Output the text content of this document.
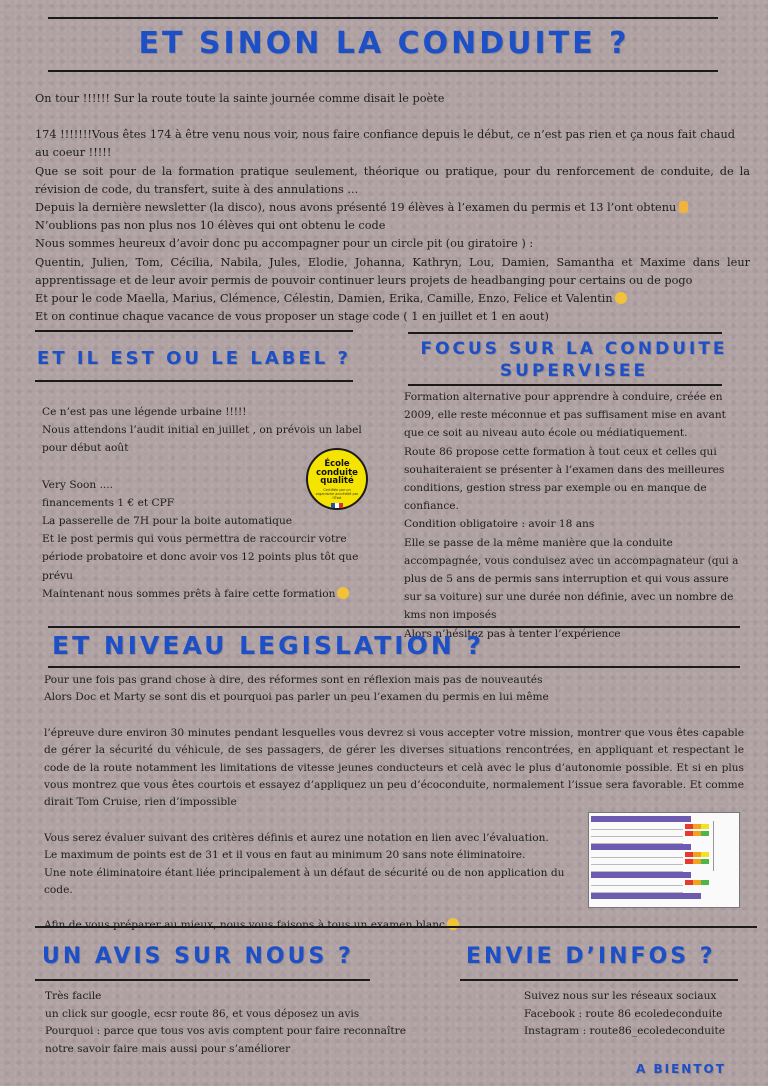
ET SINON LA CONDUITE ?

On tour !!!!!! Sur la route toute la sainte journée comme disait le poète

174 !!!!!!!Vous êtes 174 à être venu nous voir, nous faire confiance depuis le début, ce n’est pas rien et ça nous fait chaud au coeur !!!!!

Que se soit pour de la formation pratique seulement, théorique ou pratique, pour du renforcement de conduite, de la révision de code, du transfert, suite à des annulations ...

Depuis la dernière newsletter (la disco), nous avons présenté 19 élèves à l’examen du permis et 13 l’ont obtenu

N’oublions pas non plus nos 10 élèves qui ont obtenu le code

Nous sommes heureux d’avoir donc pu accompagner pour un circle pit (ou giratoire ) :

Quentin, Julien, Tom, Cécilia, Nabila, Jules, Elodie, Johanna, Kathryn, Lou, Damien, Samantha et Maxime dans leur apprentissage et de leur avoir permis de pouvoir continuer leurs projets de headbanging pour certains ou de pogo

Et pour le code Maella, Marius, Clémence, Célestin, Damien, Erika, Camille, Enzo, Felice et Valentin

Et on continue chaque vacance de vous proposer un stage code ( 1 en juillet et 1 en aout)

ET IL EST OU LE LABEL ?

Ce n’est pas une légende urbaine !!!!!

Nous attendons l’audit initial en juillet , on prévois un label pour début août

Very Soon ....

financements 1 € et CPF

La passerelle de 7H pour la boite automatique

Et le post permis qui vous permettra de raccourcir votre période probatoire et donc avoir vos 12 points plus tôt que prévu

Maintenant nous sommes prêts à faire cette formation

École conduite qualité
Certifiée par un organisme accrédité par l'État
FOCUS SUR LA CONDUITE SUPERVISEE

Formation alternative pour apprendre à conduire, créée en 2009, elle reste méconnue et pas suffisament mise en avant que ce soit au niveau auto école ou médiatiquement.

Route 86 propose cette formation à tout ceux et celles qui souhaiteraient se présenter à l’examen dans des meilleures conditions, gestion stress par exemple ou en manque de confiance.

Condition obligatoire : avoir 18 ans

Elle se passe de la même manière que la conduite accompagnée, vous conduisez avec un accompagnateur (qui a plus de 5 ans de permis sans interruption et qui vous assure sur sa voiture) sur une durée non définie, avec un nombre de kms non imposés

Alors n’hésitez pas à tenter l’expérience

ET NIVEAU LEGISLATION ?

Pour une fois pas grand chose à dire, des réformes sont en réflexion mais pas de nouveautés

Alors Doc et Marty se sont dis et pourquoi pas parler un peu l’examen du permis en lui même

l’épreuve dure environ 30 minutes pendant lesquelles vous devrez si vous accepter votre mission, montrer que vous êtes capable de gérer la sécurité du véhicule, de ses passagers, de gérer les diverses situations rencontrées, en appliquant et respectant le code de la route notamment les limitations de vitesse jeunes conducteurs et celà avec le plus d’autonomie possible. Et si en plus vous montrez que vous êtes courtois et essayez d’appliquez un peu d’écoconduite, normalement l’issue sera favorable. Et comme dirait Tom Cruise, rien d’impossible

Vous serez évaluer suivant des critères définis et aurez une notation en lien avec l’évaluation.

Le maximum de points est de 31 et il vous en faut au minimum 20 sans note éliminatoire.

Une note éliminatoire étant liée principalement à un défaut de sécurité ou de non application du code.

UN AVIS SUR NOUS ?

Très facile

un click sur google, ecsr route 86, et vous déposez un avis

Pourquoi : parce que tous vos avis comptent pour faire reconnaître notre savoir faire mais aussi pour s’améliorer

ENVIE D’INFOS ?

Suivez nous sur les réseaux sociaux

Facebook : route 86 ecoledeconduite

Instagram : route86_ecoledeconduite

A BIENTOT
